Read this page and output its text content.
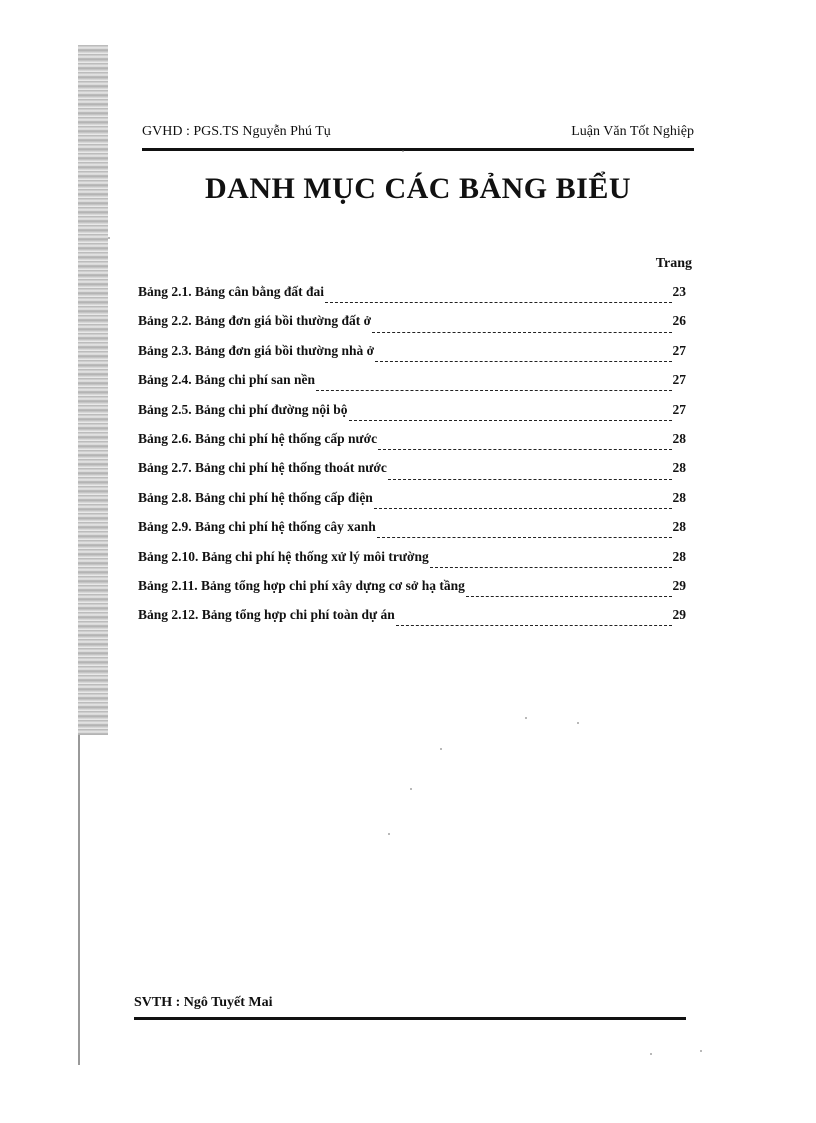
GVHD : PGS.TS Nguyễn Phú Tụ	Luận Văn Tốt Nghiệp
DANH MỤC CÁC BẢNG BIỂU
Trang
Bảng 2.1. Bảng cân bằng đất đai	23
Bảng 2.2. Bảng đơn giá bồi thường đất ở	26
Bảng 2.3. Bảng đơn giá bồi thường nhà ở	27
Bảng 2.4. Bảng chi phí san nền	27
Bảng 2.5. Bảng chi phí đường nội bộ	27
Bảng 2.6. Bảng chi phí hệ thống cấp nước	28
Bảng 2.7. Bảng chi phí hệ thống thoát nước	28
Bảng 2.8. Bảng chi phí hệ thống cấp điện	28
Bảng 2.9. Bảng chi phí hệ thống cây xanh	28
Bảng 2.10. Bảng chi phí hệ thống xử lý môi trường	28
Bảng 2.11. Bảng tổng hợp chi phí xây dựng cơ sở hạ tầng	29
Bảng 2.12. Bảng tổng hợp chi phí toàn dự án	29
SVTH : Ngô Tuyết Mai
